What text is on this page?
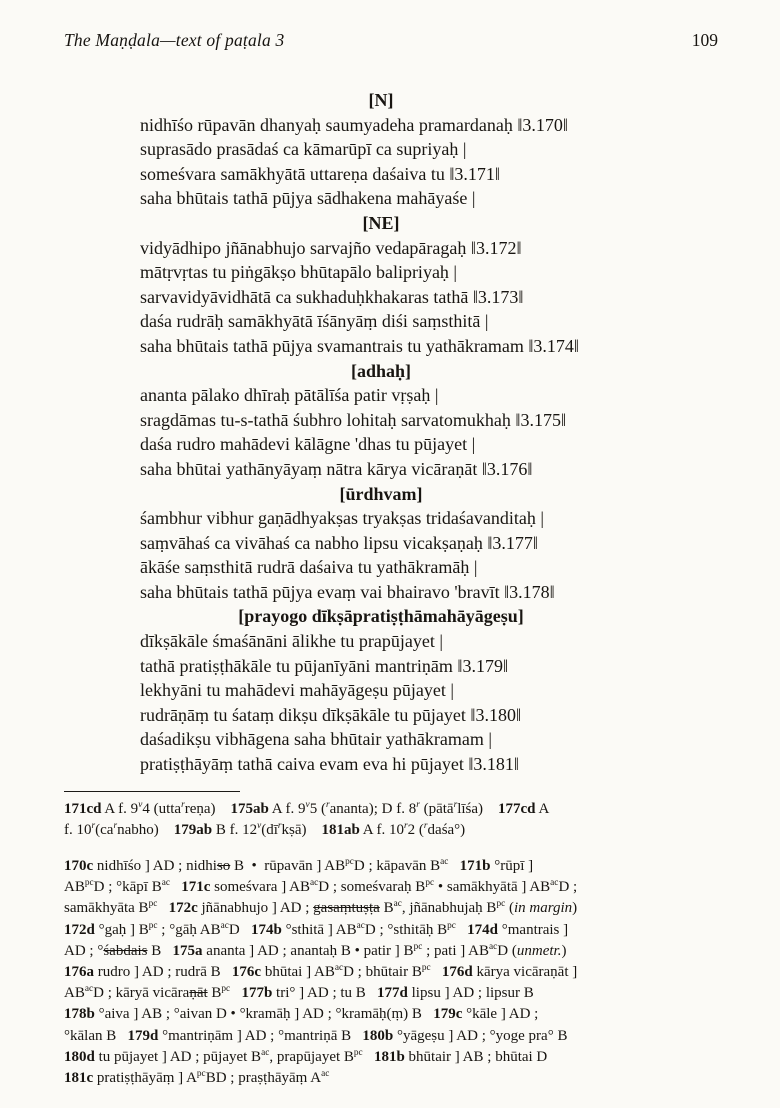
The Maṇḍala—text of paṭala 3	109
[N]
nidhīśo rūpavān dhanyaḥ saumyadeha pramardanaḥ ‖3.170‖
suprasādo prasādaś ca kāmarūpī ca supriyaḥ |
someśvara samākhyātā uttareṇa daśaiva tu ‖3.171‖
saha bhūtais tathā pūjya sādhakena mahāyaśe |
[NE]
vidyādhipo jñānabhujo sarvajño vedapāragaḥ ‖3.172‖
mātṛvṛtas tu piṅgākṣo bhūtapālo balipriyaḥ |
sarvavidyāvidhātā ca sukhaduḥkhakaras tathā ‖3.173‖
daśa rudrāḥ samākhyātā īśānyāṃ diśi saṃsthitā |
saha bhūtais tathā pūjya svamantrais tu yathākramam ‖3.174‖
[adhaḥ]
ananta pālako dhīraḥ pātālīśa patir vṛṣaḥ |
sragdāmas tu-s-tathā śubhro lohitaḥ sarvatomukhaḥ ‖3.175‖
daśa rudro mahādevi kālāgne 'dhas tu pūjayet |
saha bhūtai yathānyāyaṃ nātra kārya vicāraṇāt ‖3.176‖
[ūrdhvam]
śambhur vibhur gaṇādhyakṣas tryakṣas tridaśavanditaḥ |
saṃvāhaś ca vivāhaś ca nabho lipsu vicakṣaṇaḥ ‖3.177‖
ākāśe saṃsthitā rudrā daśaiva tu yathākramāḥ |
saha bhūtais tathā pūjya evaṃ vai bhairavo 'bravīt ‖3.178‖
[prayogo dīkṣāpratiṣṭhāmahāyāgeṣu]
dīkṣākāle śmaśānāni ālikhe tu prapūjayet |
tathā pratiṣṭhākāle tu pūjanīyāni mantriṇām ‖3.179‖
lekhyāni tu mahādevi mahāyāgeṣu pūjayet |
rudrāṇāṃ tu śataṃ dikṣu dīkṣākāle tu pūjayet ‖3.180‖
daśadikṣu vibhāgena saha bhūtair yathākramam |
pratiṣṭhāyāṃ tathā caiva evam eva hi pūjayet ‖3.181‖
171cd A f. 9$^v$4 (utta$^r$reṇa)    175ab A f. 9$^v$5 ($^r$ananta); D f. 8$^r$ (pātā$^r$līśa)    177cd A
f. $10^r(ca^rnabho)$    179ab B f. $12^v(dī^rkṣā)$    181ab A f. 10$^r$2 ($^r$daśa°)
170c nidhīśo ] AD ; nidhiso B  •  rūpavān ] $AB^{pc}D$ ; kāpavān $B^{ac}$ 171b °rūpī ]
$AB^{pc}D$ ; °kāpī $B^{ac}$ 171c someśvara ] $AB^{ac}D$ ; someśvaraḥ $B^{pc}$ • samākhyātā ] $AB^{ac}D$ ;
samākhyāta $B^{pc}$ 172c jñānabhujo ] AD ; gasaṃtuṣṭa $B^{ac}$, jñānabhujaḥ $B^{pc}$ (in margin)
172d °gaḥ ] $B^{pc}$ ; °gāḥ $AB^{ac}D$   174b °sthitā ] $AB^{ac}D$ ; °sthitāḥ $B^{pc}$ 174d °mantrais ]
AD ; °śabdais B   175a ananta ] AD ; anantaḥ B • patir ] $B^{pc}$ ; pati ] $AB^{ac}D$ (unmetr.)
176a rudro ] AD ; rudrā B   176c bhūtai ] $AB^{ac}D$ ; bhūtair $B^{pc}$ 176d kārya vicāraṇāt ]
$AB^{ac}D$ ; kāryā vicāraṇāt $B^{pc}$ 177b tri° ] AD ; tu B   177d lipsu ] AD ; lipsur B
178b °aiva ] AB ; °aivan D • °kramāḥ ] AD ; °kramāḥ(ṃ) B   179c °kāle ] AD ;
°kālan B   179d °mantriṇām ] AD ; °mantriṇā B   180b °yāgeṣu ] AD ; °yoge pra° B
180d tu pūjayet ] AD ; pūjayet $B^{ac}$, prapūjayet $B^{pc}$ 181b bhūtair ] AB ; bhūtai D
181c pratiṣṭhāyāṃ ] $A^{pc}BD$ ; praṣṭhāyāṃ $A^{ac}$
